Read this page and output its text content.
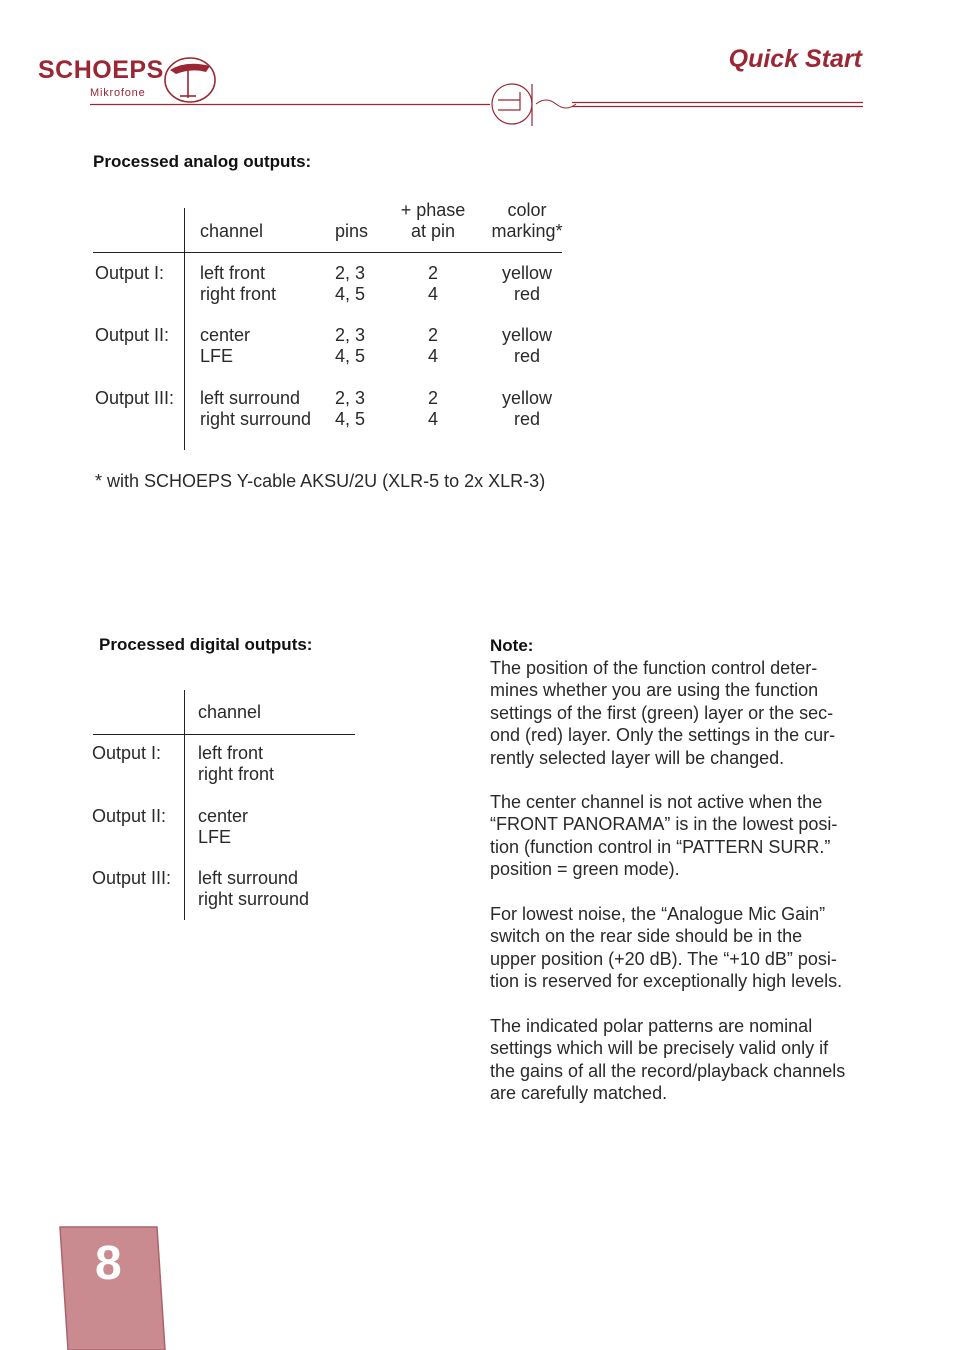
SCHOEPS
Mikrofone
Quick Start
Processed analog outputs:
channel	pins
+ phase
at pin
color
marking*
Output I: left front
right front
2, 3
4, 5
2
4
yellow
red
Output II: center
LFE
2, 3
4, 5
2
4
yellow
red
Output III: left surround
right surround
2, 3
4, 5
2
4
yellow
red
* with SCHOEPS Y-cable AKSU/2U (XLR-5 to 2x XLR-3)
Processed digital outputs:
channel
Output I: left front
right front
Output II: center
LFE
Output III: left surround
right surround
Note:
The position of the function control deter-
mines whether you are using the function
settings of the first (green) layer or the sec-
ond (red) layer. Only the settings in the cur-
rently selected layer will be changed.
The center channel is not active when the
“FRONT PANORAMA” is in the lowest posi-
tion (function control in “PATTERN SURR.”
position = green mode).
For lowest noise, the “Analogue Mic Gain”
switch on the rear side should be in the
upper position (+20 dB). The “+10 dB” posi-
tion is reserved for exceptionally high levels.
The indicated polar patterns are nominal
settings which will be precisely valid only if
the gains of all the record/playback channels
are carefully matched.
8
